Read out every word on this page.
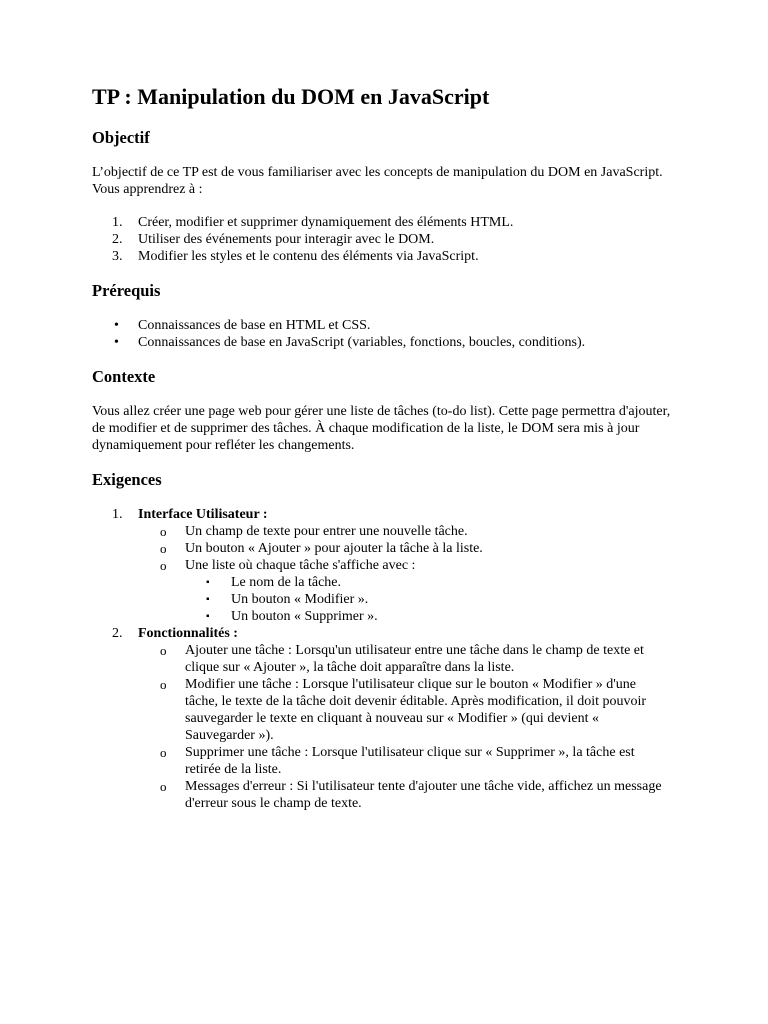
TP : Manipulation du DOM en JavaScript
Objectif

L’objectif de ce TP est de vous familiariser avec les concepts de manipulation du DOM en JavaScript. Vous apprendrez à :

1.	Créer, modifier et supprimer dynamiquement des éléments HTML.
2.	Utiliser des événements pour interagir avec le DOM.
3.	Modifier les styles et le contenu des éléments via JavaScript.
Prérequis
•	Connaissances de base en HTML et CSS.
•	Connaissances de base en JavaScript (variables, fonctions, boucles, conditions).
Contexte

Vous allez créer une page web pour gérer une liste de tâches (to-do list). Cette page permettra d'ajouter, de modifier et de supprimer des tâches. À chaque modification de la liste, le DOM sera mis à jour dynamiquement pour refléter les changements.

Exigences
1.	Interface Utilisateur :
o	Un champ de texte pour entrer une nouvelle tâche.
o	Un bouton « Ajouter » pour ajouter la tâche à la liste.
o	Une liste où chaque tâche s'affiche avec :
▪	Le nom de la tâche.
▪	Un bouton « Modifier ».
▪	Un bouton « Supprimer ».
2.	Fonctionnalités :
o	Ajouter une tâche : Lorsqu'un utilisateur entre une tâche dans le champ de texte et clique sur « Ajouter », la tâche doit apparaître dans la liste.
o	Modifier une tâche : Lorsque l'utilisateur clique sur le bouton « Modifier » d'une tâche, le texte de la tâche doit devenir éditable. Après modification, il doit pouvoir sauvegarder le texte en cliquant à nouveau sur « Modifier » (qui devient « Sauvegarder »).
o	Supprimer une tâche : Lorsque l'utilisateur clique sur « Supprimer », la tâche est retirée de la liste.
o	Messages d'erreur : Si l'utilisateur tente d'ajouter une tâche vide, affichez un message d'erreur sous le champ de texte.
